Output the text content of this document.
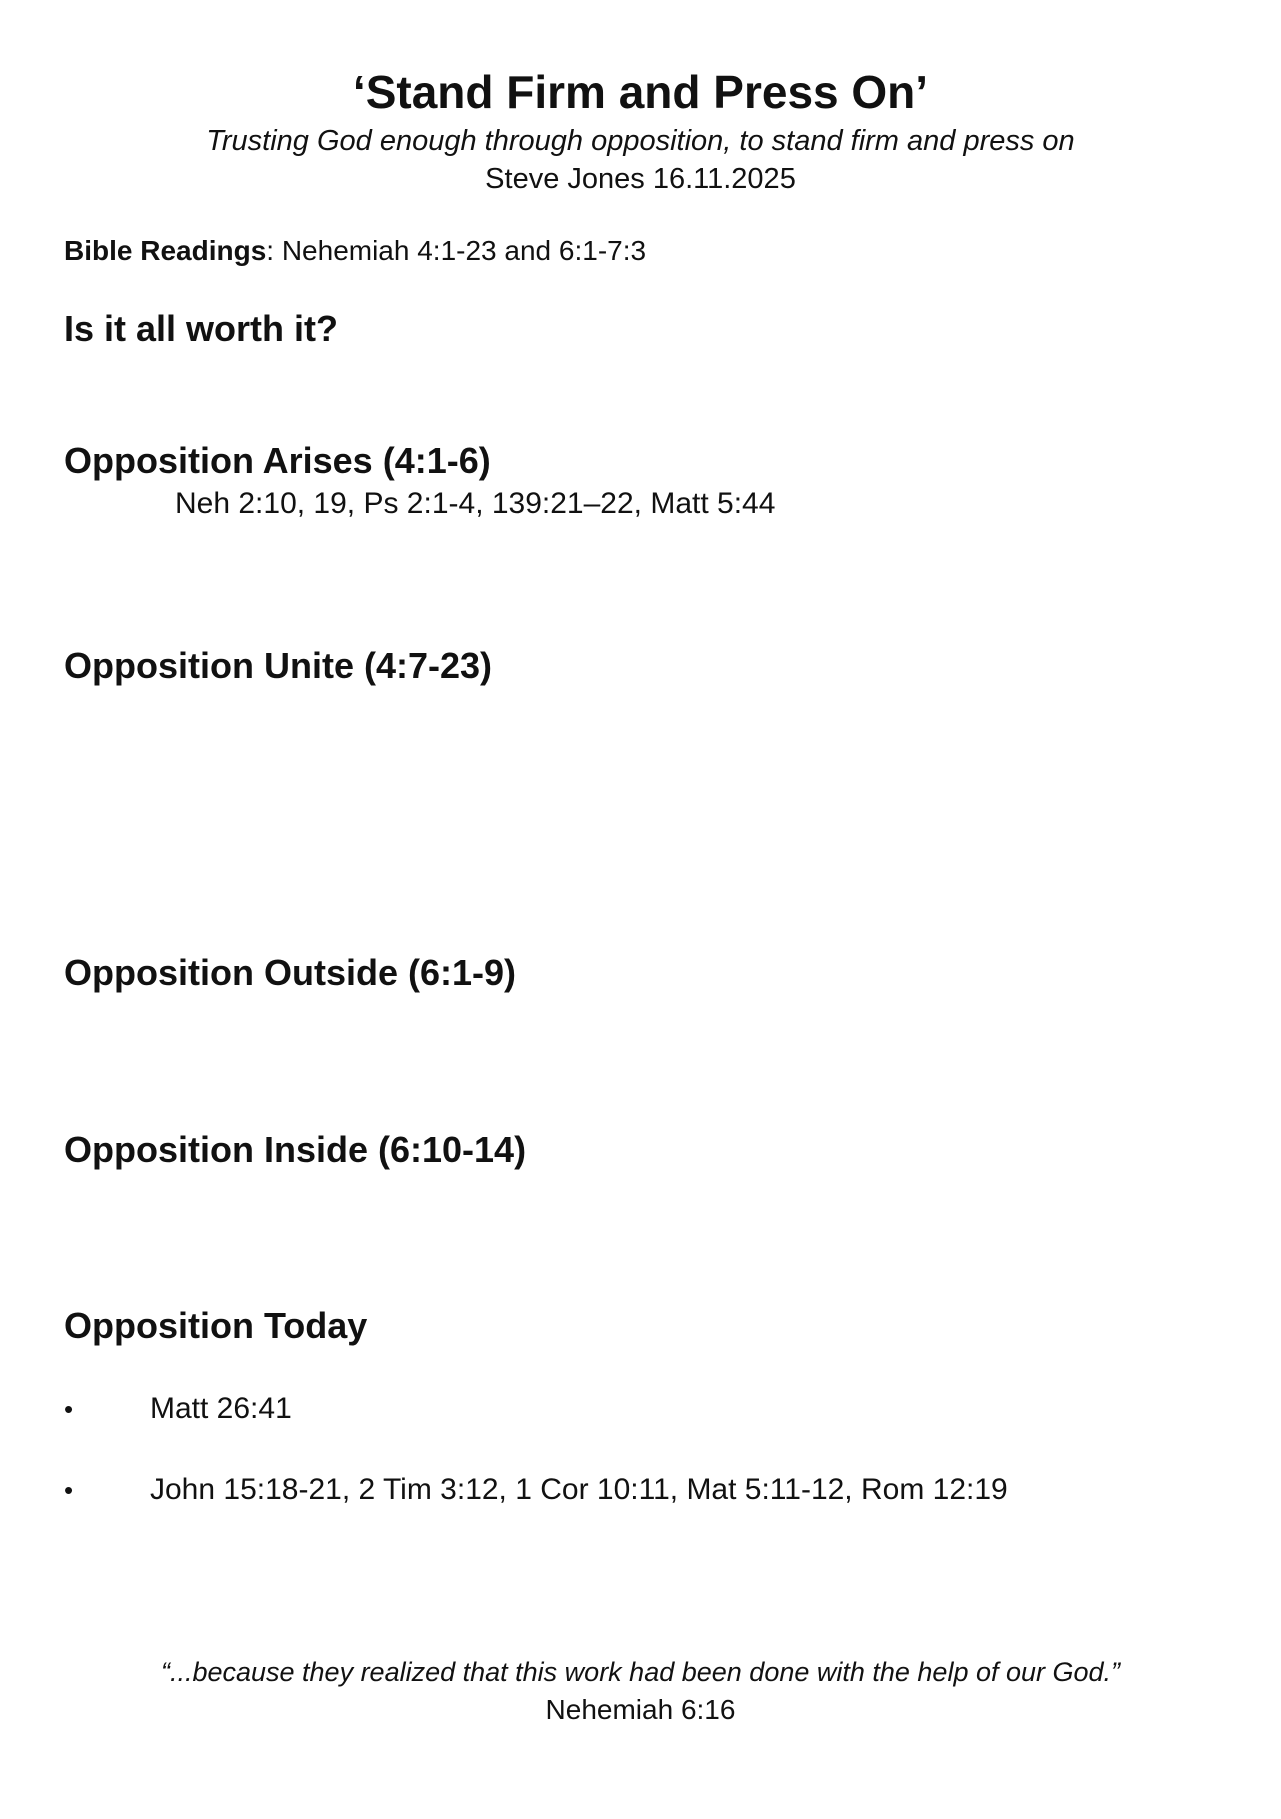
‘Stand Firm and Press On’
Trusting God enough through opposition, to stand firm and press on
Steve Jones 16.11.2025
Bible Readings: Nehemiah 4:1-23 and 6:1-7:3
Is it all worth it?
Opposition Arises (4:1-6)
Neh 2:10, 19, Ps 2:1-4, 139:21–22, Matt 5:44
Opposition Unite (4:7-23)
Opposition Outside (6:1-9)
Opposition Inside (6:10-14)
Opposition Today
•	Matt 26:41
•	John 15:18-21, 2 Tim 3:12, 1 Cor 10:11, Mat 5:11-12, Rom 12:19
“...because they realized that this work had been done with the help of our God.”
Nehemiah 6:16
